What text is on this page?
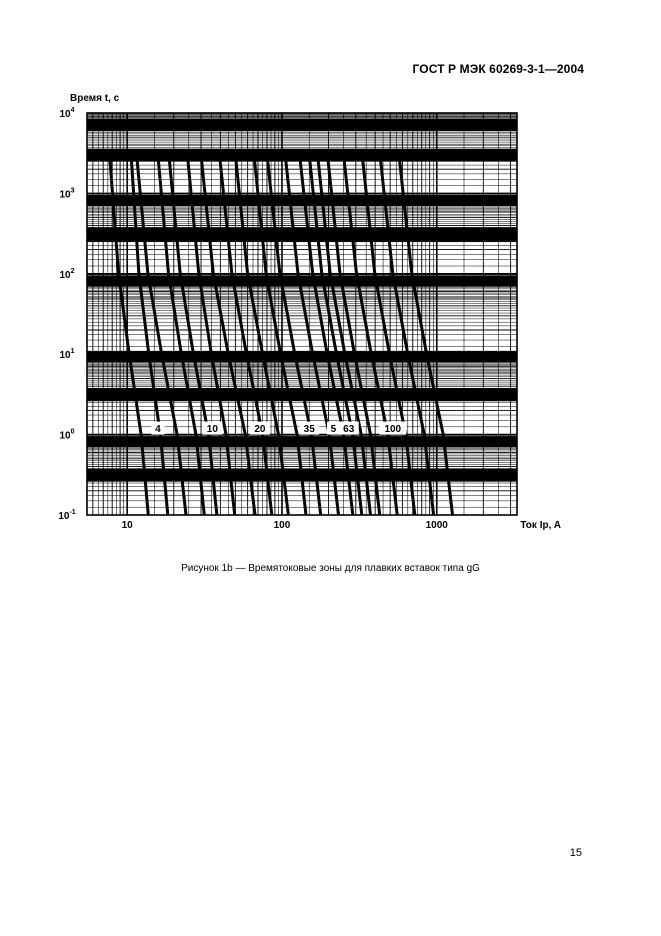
ГОСТ Р МЭК 60269-3-1—2004
4	10	20	35 5 63	100
10	100	1000
$10^4$
$10^3$
$10^2$
$10^1$
$10^0$
$10^{-1}$
Время t, с
Ток Ip, A
Рисунок 1b — Времятоковые зоны для плавких вставок типа gG
15
